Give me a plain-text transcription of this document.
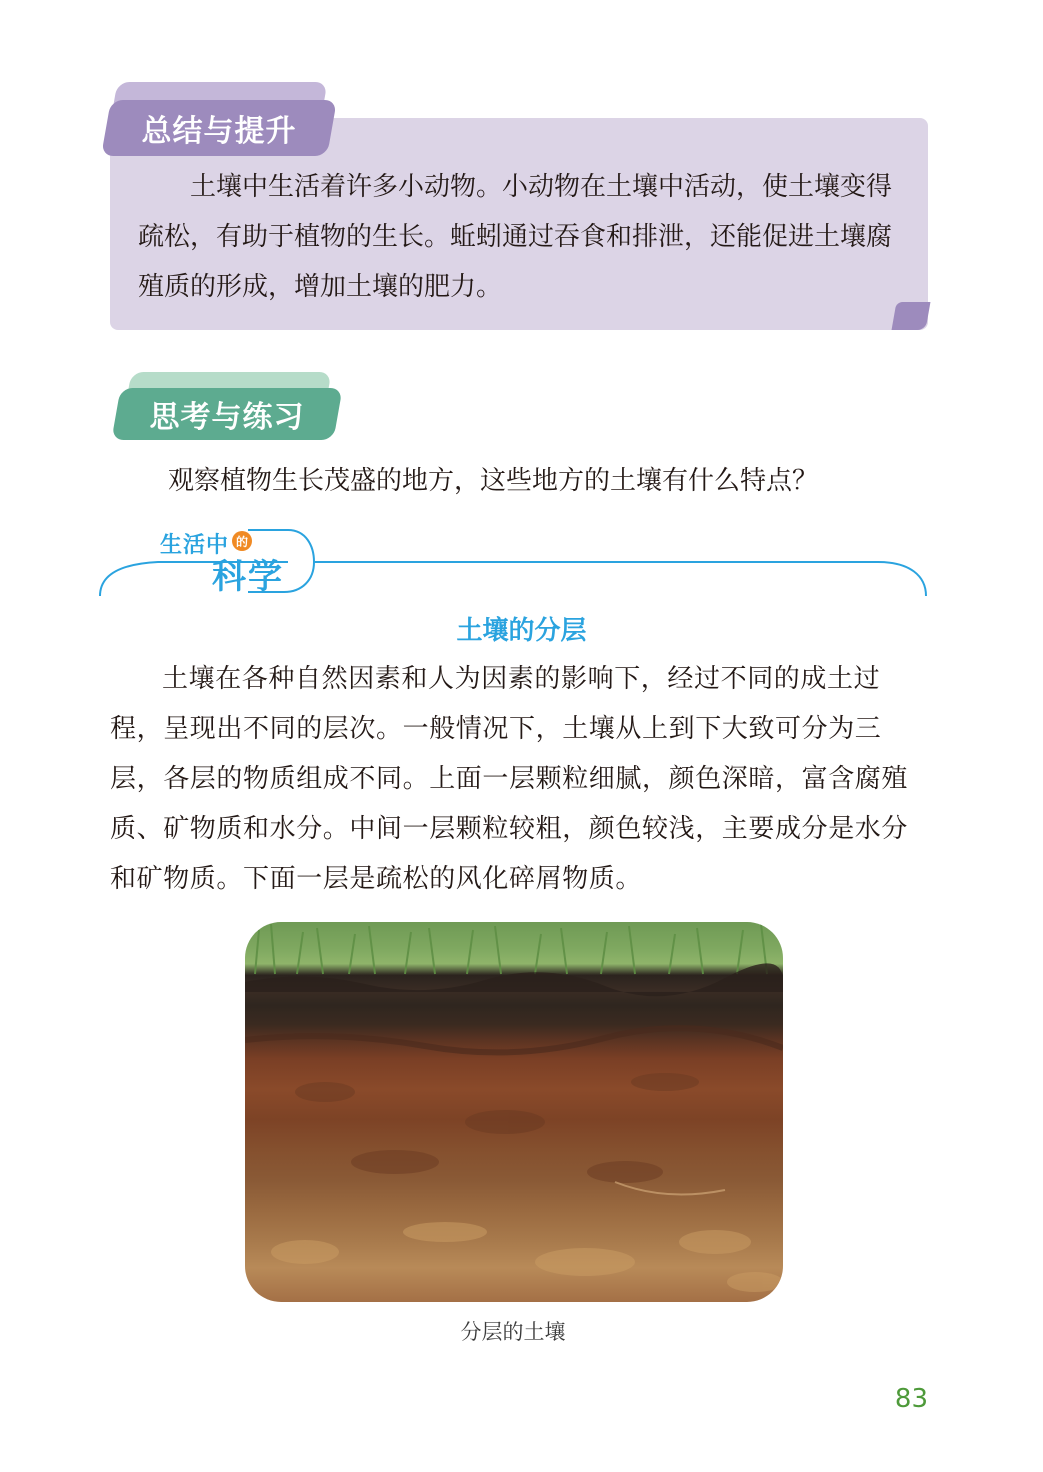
总结与提升

土壤中生活着许多小动物。小动物在土壤中活动，使土壤变得疏松，有助于植物的生长。蚯蚓通过吞食和排泄，还能促进土壤腐殖质的形成，增加土壤的肥力。

思考与练习

观察植物生长茂盛的地方，这些地方的土壤有什么特点？

生活中 的
科学
土壤的分层

土壤在各种自然因素和人为因素的影响下，经过不同的成土过程，呈现出不同的层次。一般情况下，土壤从上到下大致可分为三层，各层的物质组成不同。上面一层颗粒细腻，颜色深暗，富含腐殖质、矿物质和水分。中间一层颗粒较粗，颜色较浅，主要成分是水分和矿物质。下面一层是疏松的风化碎屑物质。

分层的土壤
83
